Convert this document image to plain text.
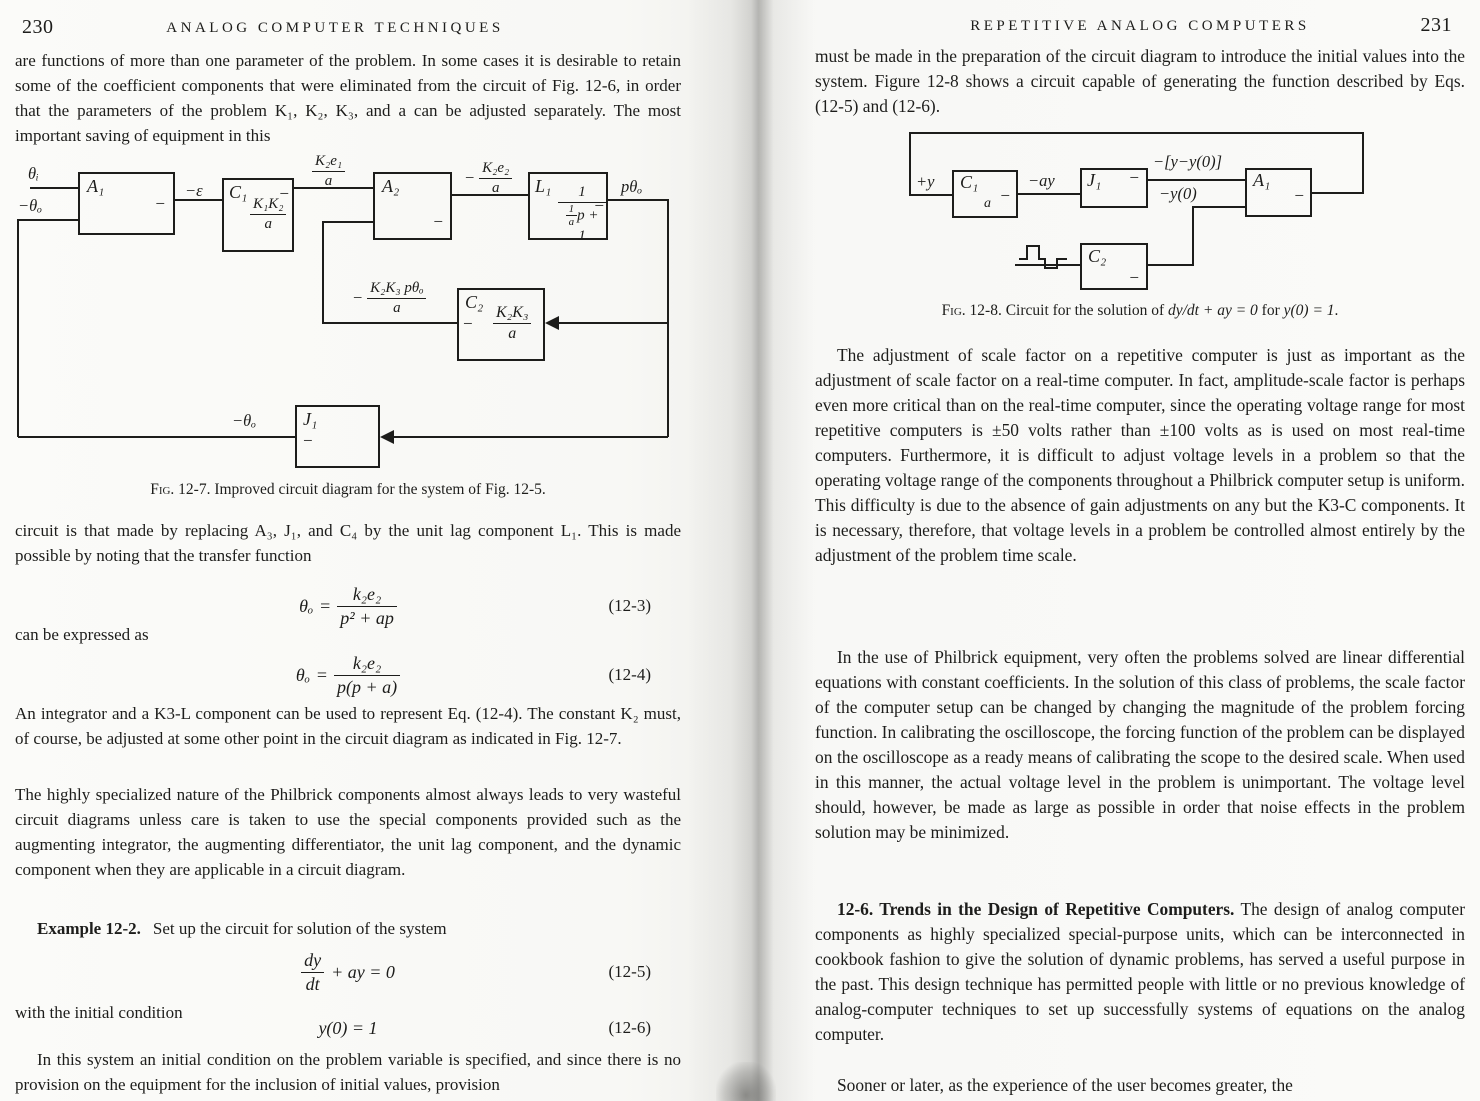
230	ANALOG COMPUTER TECHNIQUES

are functions of more than one parameter of the problem. In some cases it is desirable to retain some of the coefficient components that were eliminated from the circuit of Fig. 12-6, in order that the parameters of the problem K₁, K₂, K₃, and a can be adjusted separately. The most important saving of equipment in this

A₁
−
C₁
$\frac{\text{K₁K₂}}{a}$
−	A₂
−
$L_1 \frac{1}{\frac{1}{a} p + 1}$
−
C₂
− $\frac{\text{K₂K₃}}{a}$
J₁
−
θᵢ
−θₒ
−ε
$\frac{\text{K₂e₁}}{a}$	− $\frac{\text{K₂e₂}}{a}$	pθₒ
− $\frac{\text{K₂K₃ pθₒ}}{a}$
−θₒ
Fig. 12-7. Improved circuit diagram for the system of Fig. 12-5.

circuit is that made by replacing A₃, J₁, and C₄ by the unit lag component L₁. This is made possible by noting that the transfer function

$\theta_o = \frac{\text{k₂e₂}}{\text{p² + ap}}$	(12-3)

can be expressed as

$\theta_o = \frac{\text{k₂e₂}}{p(p + a)}$	(12-4)

An integrator and a K3-L component can be used to represent Eq. (12-4). The constant K₂ must, of course, be adjusted at some other point in the circuit diagram as indicated in Fig. 12-7.

The highly specialized nature of the Philbrick components almost always leads to very wasteful circuit diagrams unless care is taken to use the special components provided such as the augmenting integrator, the augmenting differentiator, the unit lag component, and the dynamic component when they are applicable in a circuit diagram.

Example 12-2. Set up the circuit for solution of the system

$\frac{dy}{dt}$ + ay = 0	(12-5)

with the initial condition

y(0) = 1	(12-6)

In this system an initial condition on the problem variable is specified, and since there is no provision on the equipment for the inclusion of initial values, provision

REPETITIVE ANALOG COMPUTERS	231

must be made in the preparation of the circuit diagram to introduce the initial values into the system. Figure 12-8 shows a circuit capable of generating the function described by Eqs. (12-5) and (12-6).

C₁
a −
J₁ −	A₁
−
C₂
−
+y	−ay
−[y−y(0)]
−y(0)
Fig. 12-8. Circuit for the solution of dy/dt + ay = 0 for y(0) = 1.

The adjustment of scale factor on a repetitive computer is just as important as the adjustment of scale factor on a real-time computer. In fact, amplitude-scale factor is perhaps even more critical than on the real-time computer, since the operating voltage range for most repetitive computers is ±50 volts rather than ±100 volts as is used on most real-time computers. Furthermore, it is difficult to adjust voltage levels in a problem so that the operating voltage range of the components throughout a Philbrick computer setup is uniform. This difficulty is due to the absence of gain adjustments on any but the K3-C components. It is necessary, therefore, that voltage levels in a problem be controlled almost entirely by the adjustment of the problem time scale.

In the use of Philbrick equipment, very often the problems solved are linear differential equations with constant coefficients. In the solution of this class of problems, the scale factor of the computer setup can be changed by changing the magnitude of the problem forcing function. In calibrating the oscilloscope, the forcing function of the problem can be displayed on the oscilloscope as a ready means of calibrating the scope to the desired scale. When used in this manner, the actual voltage level in the problem is unimportant. The voltage level should, however, be made as large as possible in order that noise effects in the problem solution may be minimized.

12-6. Trends in the Design of Repetitive Computers. The design of analog computer components as highly specialized special-purpose units, which can be interconnected in cookbook fashion to give the solution of dynamic problems, has served a useful purpose in the past. This design technique has permitted people with little or no previous knowledge of analog-computer techniques to set up successfully systems of equations on the analog computer.

Sooner or later, as the experience of the user becomes greater, the
